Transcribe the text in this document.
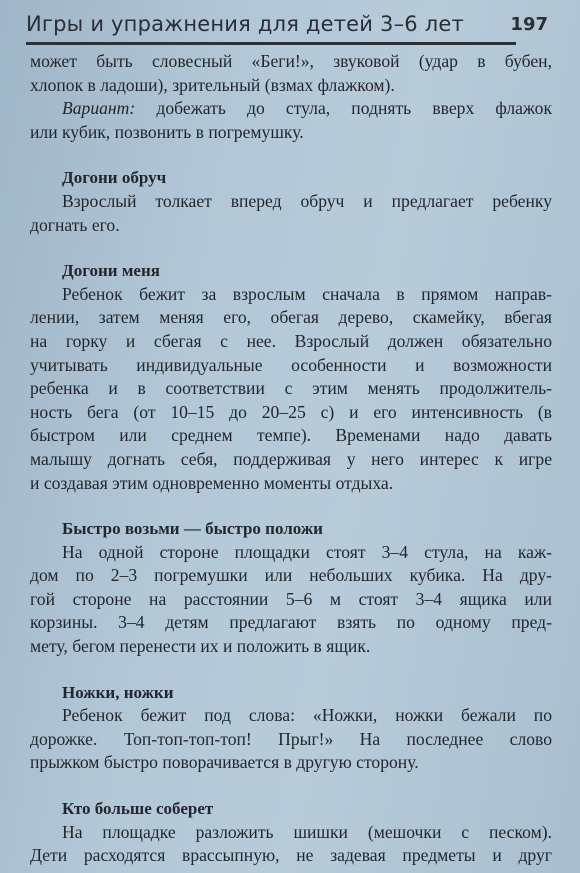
Игры и упражнения для детей 3–6 лет	197
может быть словесный «Беги!», звуковой (удар в бубен,
хлопок в ладоши), зрительный (взмах флажком).
Вариант: добежать до стула, поднять вверх флажок
или кубик, позвонить в погремушку.
Догони обруч
Взрослый толкает вперед обруч и предлагает ребенку
догнать его.
Догони меня
Ребенок бежит за взрослым сначала в прямом направ-
лении, затем меняя его, обегая дерево, скамейку, вбегая
на горку и сбегая с нее. Взрослый должен обязательно
учитывать индивидуальные особенности и возможности
ребенка и в соответствии с этим менять продолжитель-
ность бега (от 10–15 до 20–25 с) и его интенсивность (в
быстром или среднем темпе). Временами надо давать
малышу догнать себя, поддерживая у него интерес к игре
и создавая этим одновременно моменты отдыха.
Быстро возьми — быстро положи
На одной стороне площадки стоят 3–4 стула, на каж-
дом по 2–3 погремушки или небольших кубика. На дру-
гой стороне на расстоянии 5–6 м стоят 3–4 ящика или
корзины. 3–4 детям предлагают взять по одному пред-
мету, бегом перенести их и положить в ящик.
Ножки, ножки
Ребенок бежит под слова: «Ножки, ножки бежали по
дорожке. Топ-топ-топ-топ! Прыг!» На последнее слово
прыжком быстро поворачивается в другую сторону.
Кто больше соберет
На площадке разложить шишки (мешочки с песком).
Дети расходятся врассыпную, не задевая предметы и друг
